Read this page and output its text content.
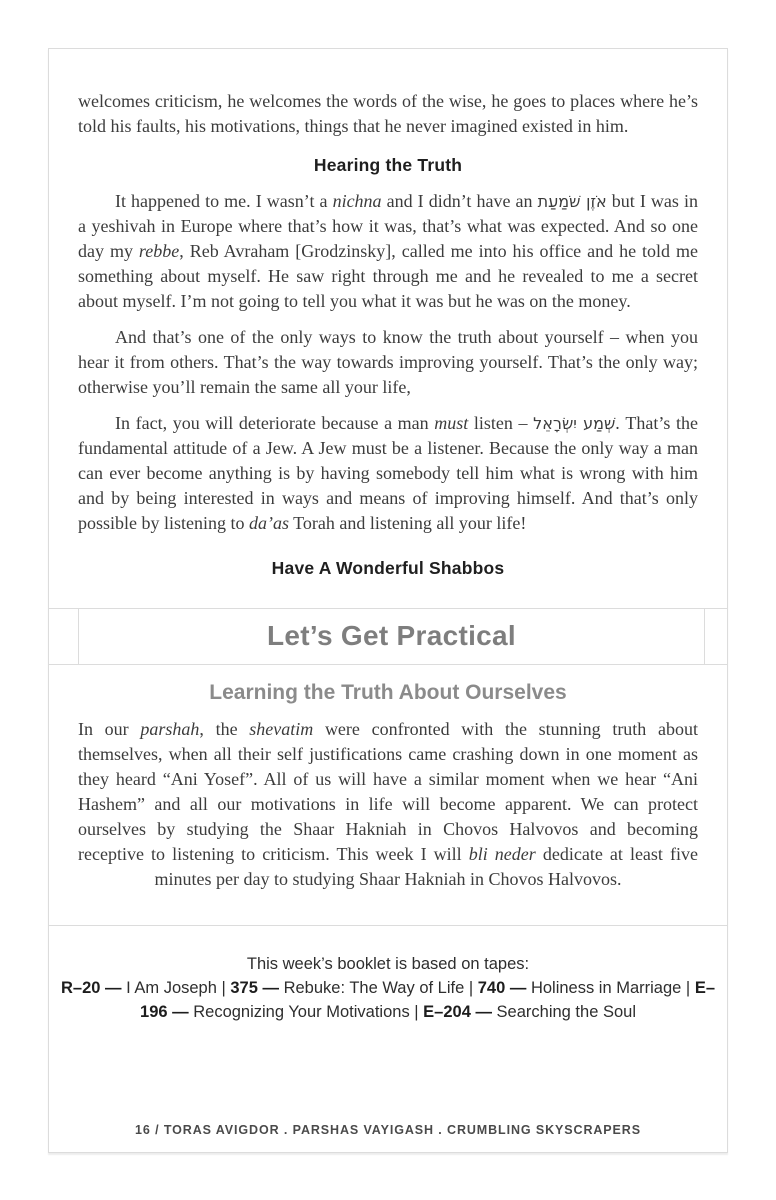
welcomes criticism, he welcomes the words of the wise, he goes to places where he’s told his faults, his motivations, things that he never imagined existed in him.

Hearing the Truth

It happened to me. I wasn’t a nichna and I didn’t have an אֹזֶן שֹׁמַעַת but I was in a yeshivah in Europe where that’s how it was, that’s what was expected. And so one day my rebbe, Reb Avraham [Grodzinsky], called me into his office and he told me something about myself. He saw right through me and he revealed to me a secret about myself. I’m not going to tell you what it was but he was on the money.

And that’s one of the only ways to know the truth about yourself – when you hear it from others. That’s the way towards improving yourself. That’s the only way; otherwise you’ll remain the same all your life,

In fact, you will deteriorate because a man must listen – שְׁמַע יִשְׂרָאֵל. That’s the fundamental attitude of a Jew. A Jew must be a listener. Because the only way a man can ever become anything is by having somebody tell him what is wrong with him and by being interested in ways and means of improving himself. And that’s only possible by listening to da’as Torah and listening all your life!

Have A Wonderful Shabbos
Let’s Get Practical
Learning the Truth About Ourselves

In our parshah, the shevatim were confronted with the stunning truth about themselves, when all their self justifications came crashing down in one moment as they heard “Ani Yosef”. All of us will have a similar moment when we hear “Ani Hashem” and all our motivations in life will become apparent. We can protect ourselves by studying the Shaar Hakniah in Chovos Halvovos and becoming receptive to listening to criticism. This week I will bli neder dedicate at least five minutes per day to studying Shaar Hakniah in Chovos Halvovos.

This week’s booklet is based on tapes:
R–20 — I Am Joseph | 375 — Rebuke: The Way of Life | 740 — Holiness in Marriage | E–196 — Recognizing Your Motivations | E–204 — Searching the Soul
16 / TORAS AVIGDOR . PARSHAS VAYIGASH . CRUMBLING SKYSCRAPERS
